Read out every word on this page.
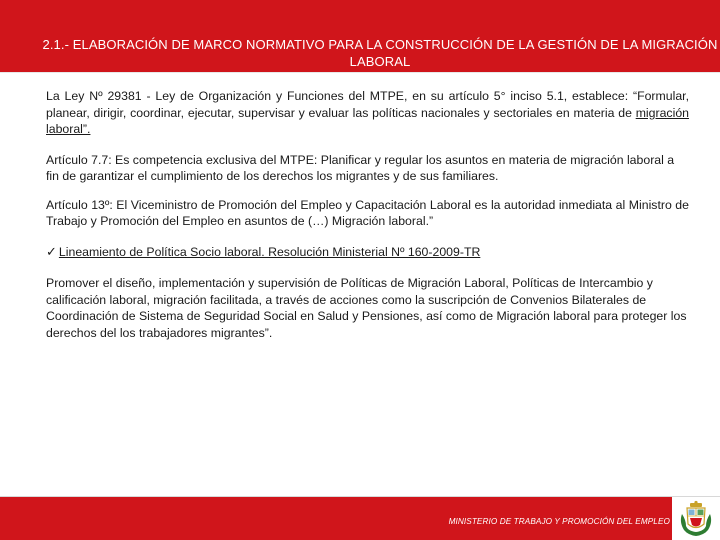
2.1.- ELABORACIÓN DE MARCO NORMATIVO PARA LA CONSTRUCCIÓN DE LA GESTIÓN DE LA MIGRACIÓN LABORAL

La Ley Nº 29381 - Ley de Organización y Funciones del MTPE, en su artículo 5° inciso 5.1, establece: “Formular, planear, dirigir, coordinar, ejecutar, supervisar y evaluar las políticas nacionales y sectoriales en materia de migración laboral”.

Artículo 7.7: Es competencia exclusiva del MTPE: Planificar y regular los asuntos en materia de migración laboral a fin de garantizar el cumplimiento de los derechos los migrantes y de sus familiares.

Artículo 13º: El Viceministro de Promoción del Empleo y Capacitación Laboral es la autoridad inmediata al Ministro de Trabajo y Promoción del Empleo en asuntos de (…) Migración laboral.”

✓ Lineamiento de Política Socio laboral. Resolución Ministerial Nº 160-2009-TR

Promover el diseño, implementación y supervisión de Políticas de Migración Laboral, Políticas de Intercambio y calificación laboral, migración facilitada, a través de acciones como la suscripción de Convenios Bilaterales de Coordinación de Sistema de Seguridad Social en Salud y Pensiones, así como de Migración laboral para proteger los derechos del los trabajadores migrantes”.

MINISTERIO DE TRABAJO Y PROMOCIÓN DEL EMPLEO
